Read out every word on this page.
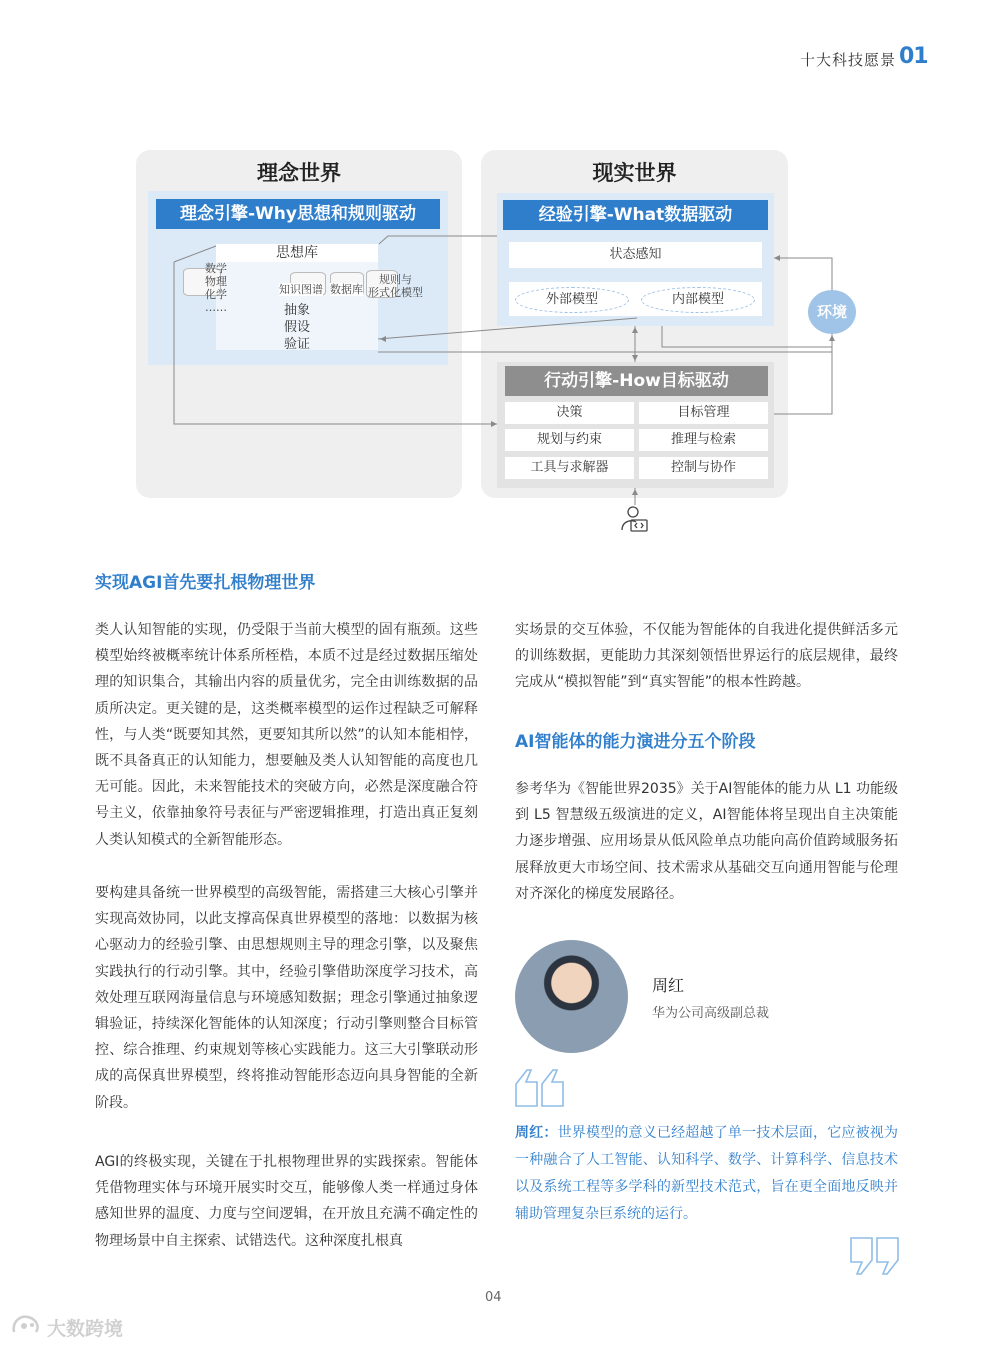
十大科技愿景 01
理念世界
理念引擎-Why思想和规则驱动
思想库
数学
物理
化学
……
知识图谱 数据库
规则与
形式化模型
抽象
假设
验证
现实世界
经验引擎-What数据驱动
状态感知
外部模型	内部模型
环境
行动引擎-How目标驱动
决策	目标管理
规划与约束	推理与检索
工具与求解器	控制与协作
实现AGI首先要扎根物理世界
类人认知智能的实现，仍受限于当前大模型的固有瓶颈。这些模型始终被概率统计体系所桎梏，本质不过是经过数据压缩处理的知识集合，其输出内容的质量优劣，完全由训练数据的品质所决定。更关键的是，这类概率模型的运作过程缺乏可解释性，与人类“既要知其然，更要知其所以然”的认知本能相悖，既不具备真正的认知能力，想要触及类人认知智能的高度也几无可能。因此，未来智能技术的突破方向，必然是深度融合符号主义，依靠抽象符号表征与严密逻辑推理，打造出真正复刻人类认知模式的全新智能形态。
要构建具备统一世界模型的高级智能，需搭建三大核心引擎并实现高效协同，以此支撑高保真世界模型的落地：以数据为核心驱动力的经验引擎、由思想规则主导的理念引擎，以及聚焦实践执行的行动引擎。其中，经验引擎借助深度学习技术，高效处理互联网海量信息与环境感知数据；理念引擎通过抽象逻辑验证，持续深化智能体的认知深度；行动引擎则整合目标管控、综合推理、约束规划等核心实践能力。这三大引擎联动形成的高保真世界模型，终将推动智能形态迈向具身智能的全新阶段。
AGI的终极实现，关键在于扎根物理世界的实践探索。智能体凭借物理实体与环境开展实时交互，能够像人类一样通过身体感知世界的温度、力度与空间逻辑，在开放且充满不确定性的物理场景中自主探索、试错迭代。这种深度扎根真
实场景的交互体验，不仅能为智能体的自我进化提供鲜活多元的训练数据，更能助力其深刻领悟世界运行的底层规律，最终完成从“模拟智能”到“真实智能”的根本性跨越。
AI智能体的能力演进分五个阶段
参考华为《智能世界2035》关于AI智能体的能力从 L1 功能级到 L5 智慧级五级演进的定义，AI智能体将呈现出自主决策能力逐步增强、应用场景从低风险单点功能向高价值跨域服务拓展释放更大市场空间、技术需求从基础交互向通用智能与伦理对齐深化的梯度发展路径。
周红
华为公司高级副总裁
周红：世界模型的意义已经超越了单一技术层面，它应被视为一种融合了人工智能、认知科学、数学、计算科学、信息技术以及系统工程等多学科的新型技术范式，旨在更全面地反映并辅助管理复杂巨系统的运行。
04
大数跨境
